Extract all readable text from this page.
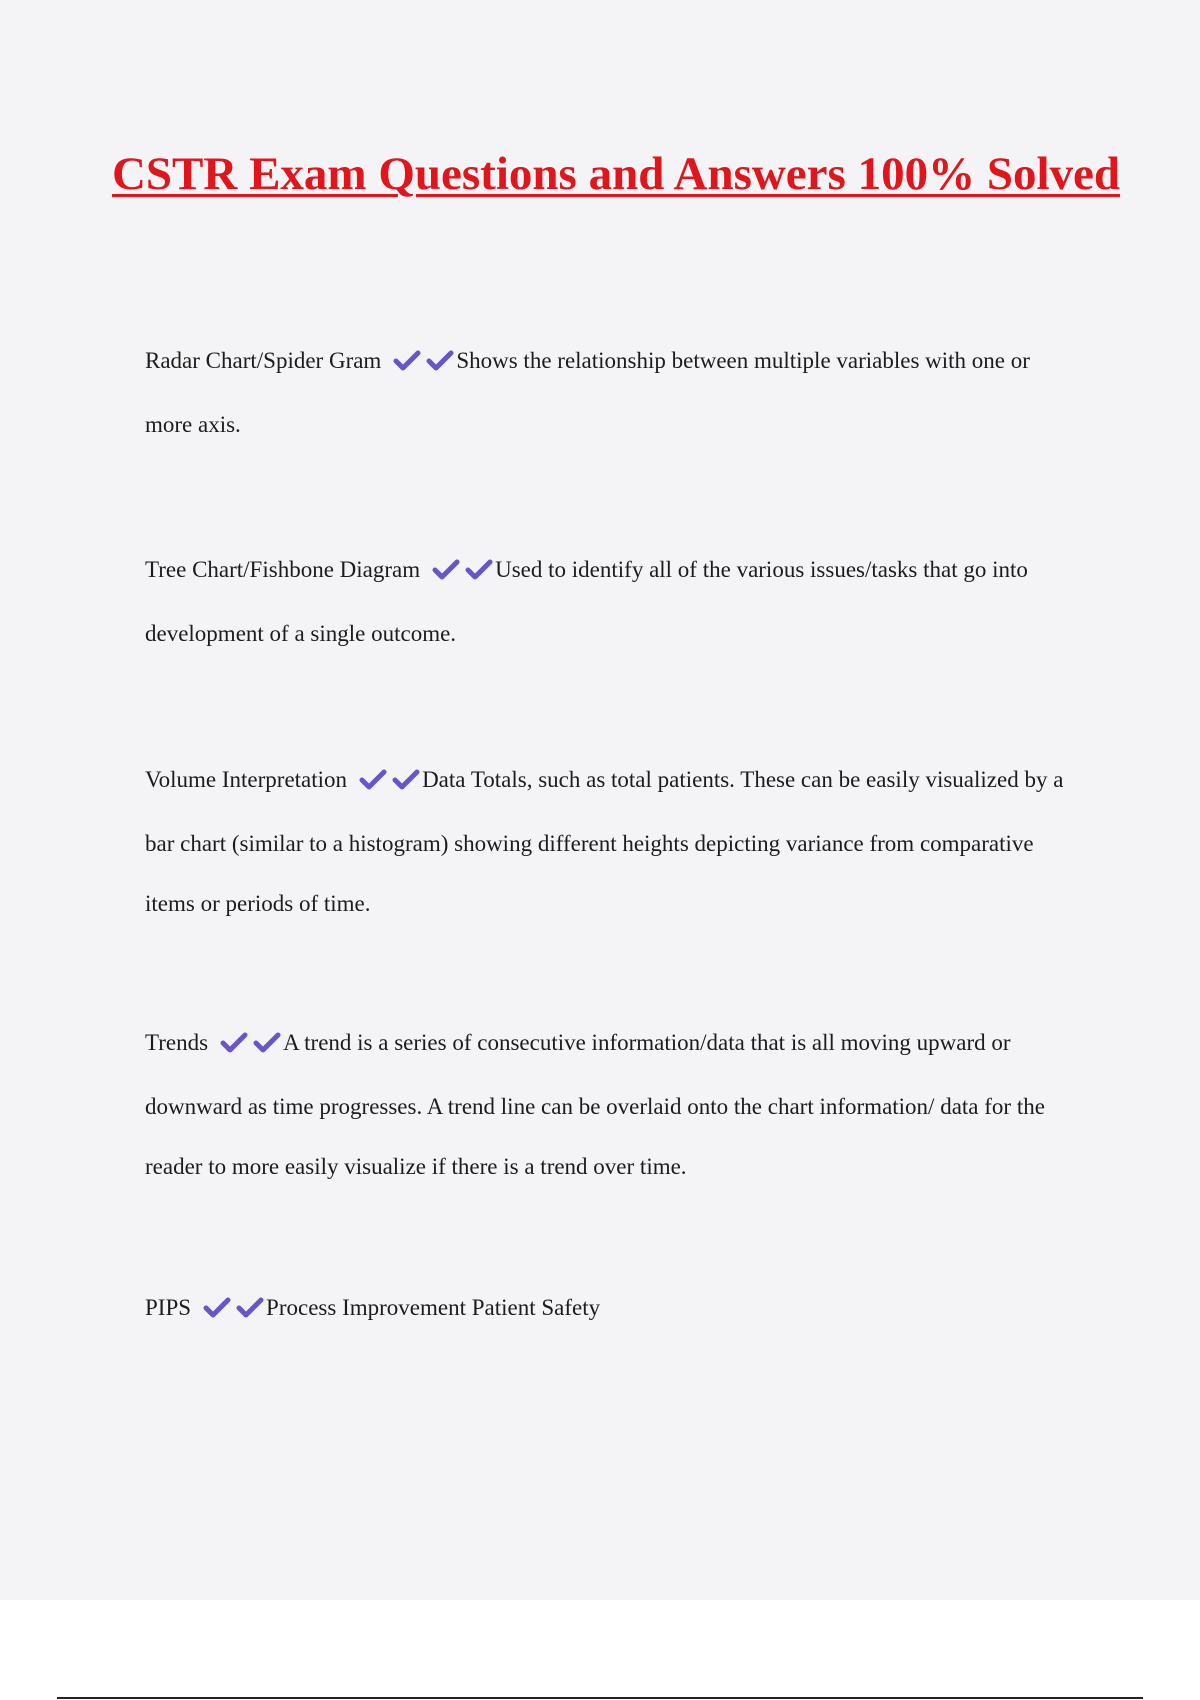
CSTR Exam Questions and Answers 100% Solved

Radar Chart/Spider Gram	Shows the relationship between multiple variables with one or more axis.

Tree Chart/Fishbone Diagram	Used to identify all of the various issues/tasks that go into development of a single outcome.

Volume Interpretation	Data Totals, such as total patients. These can be easily visualized by a bar chart (similar to a histogram) showing different heights depicting variance from comparative items or periods of time.

Trends	A trend is a series of consecutive information/data that is all moving upward or downward as time progresses. A trend line can be overlaid onto the chart information/ data for the reader to more easily visualize if there is a trend over time.

PIPS	Process Improvement Patient Safety
